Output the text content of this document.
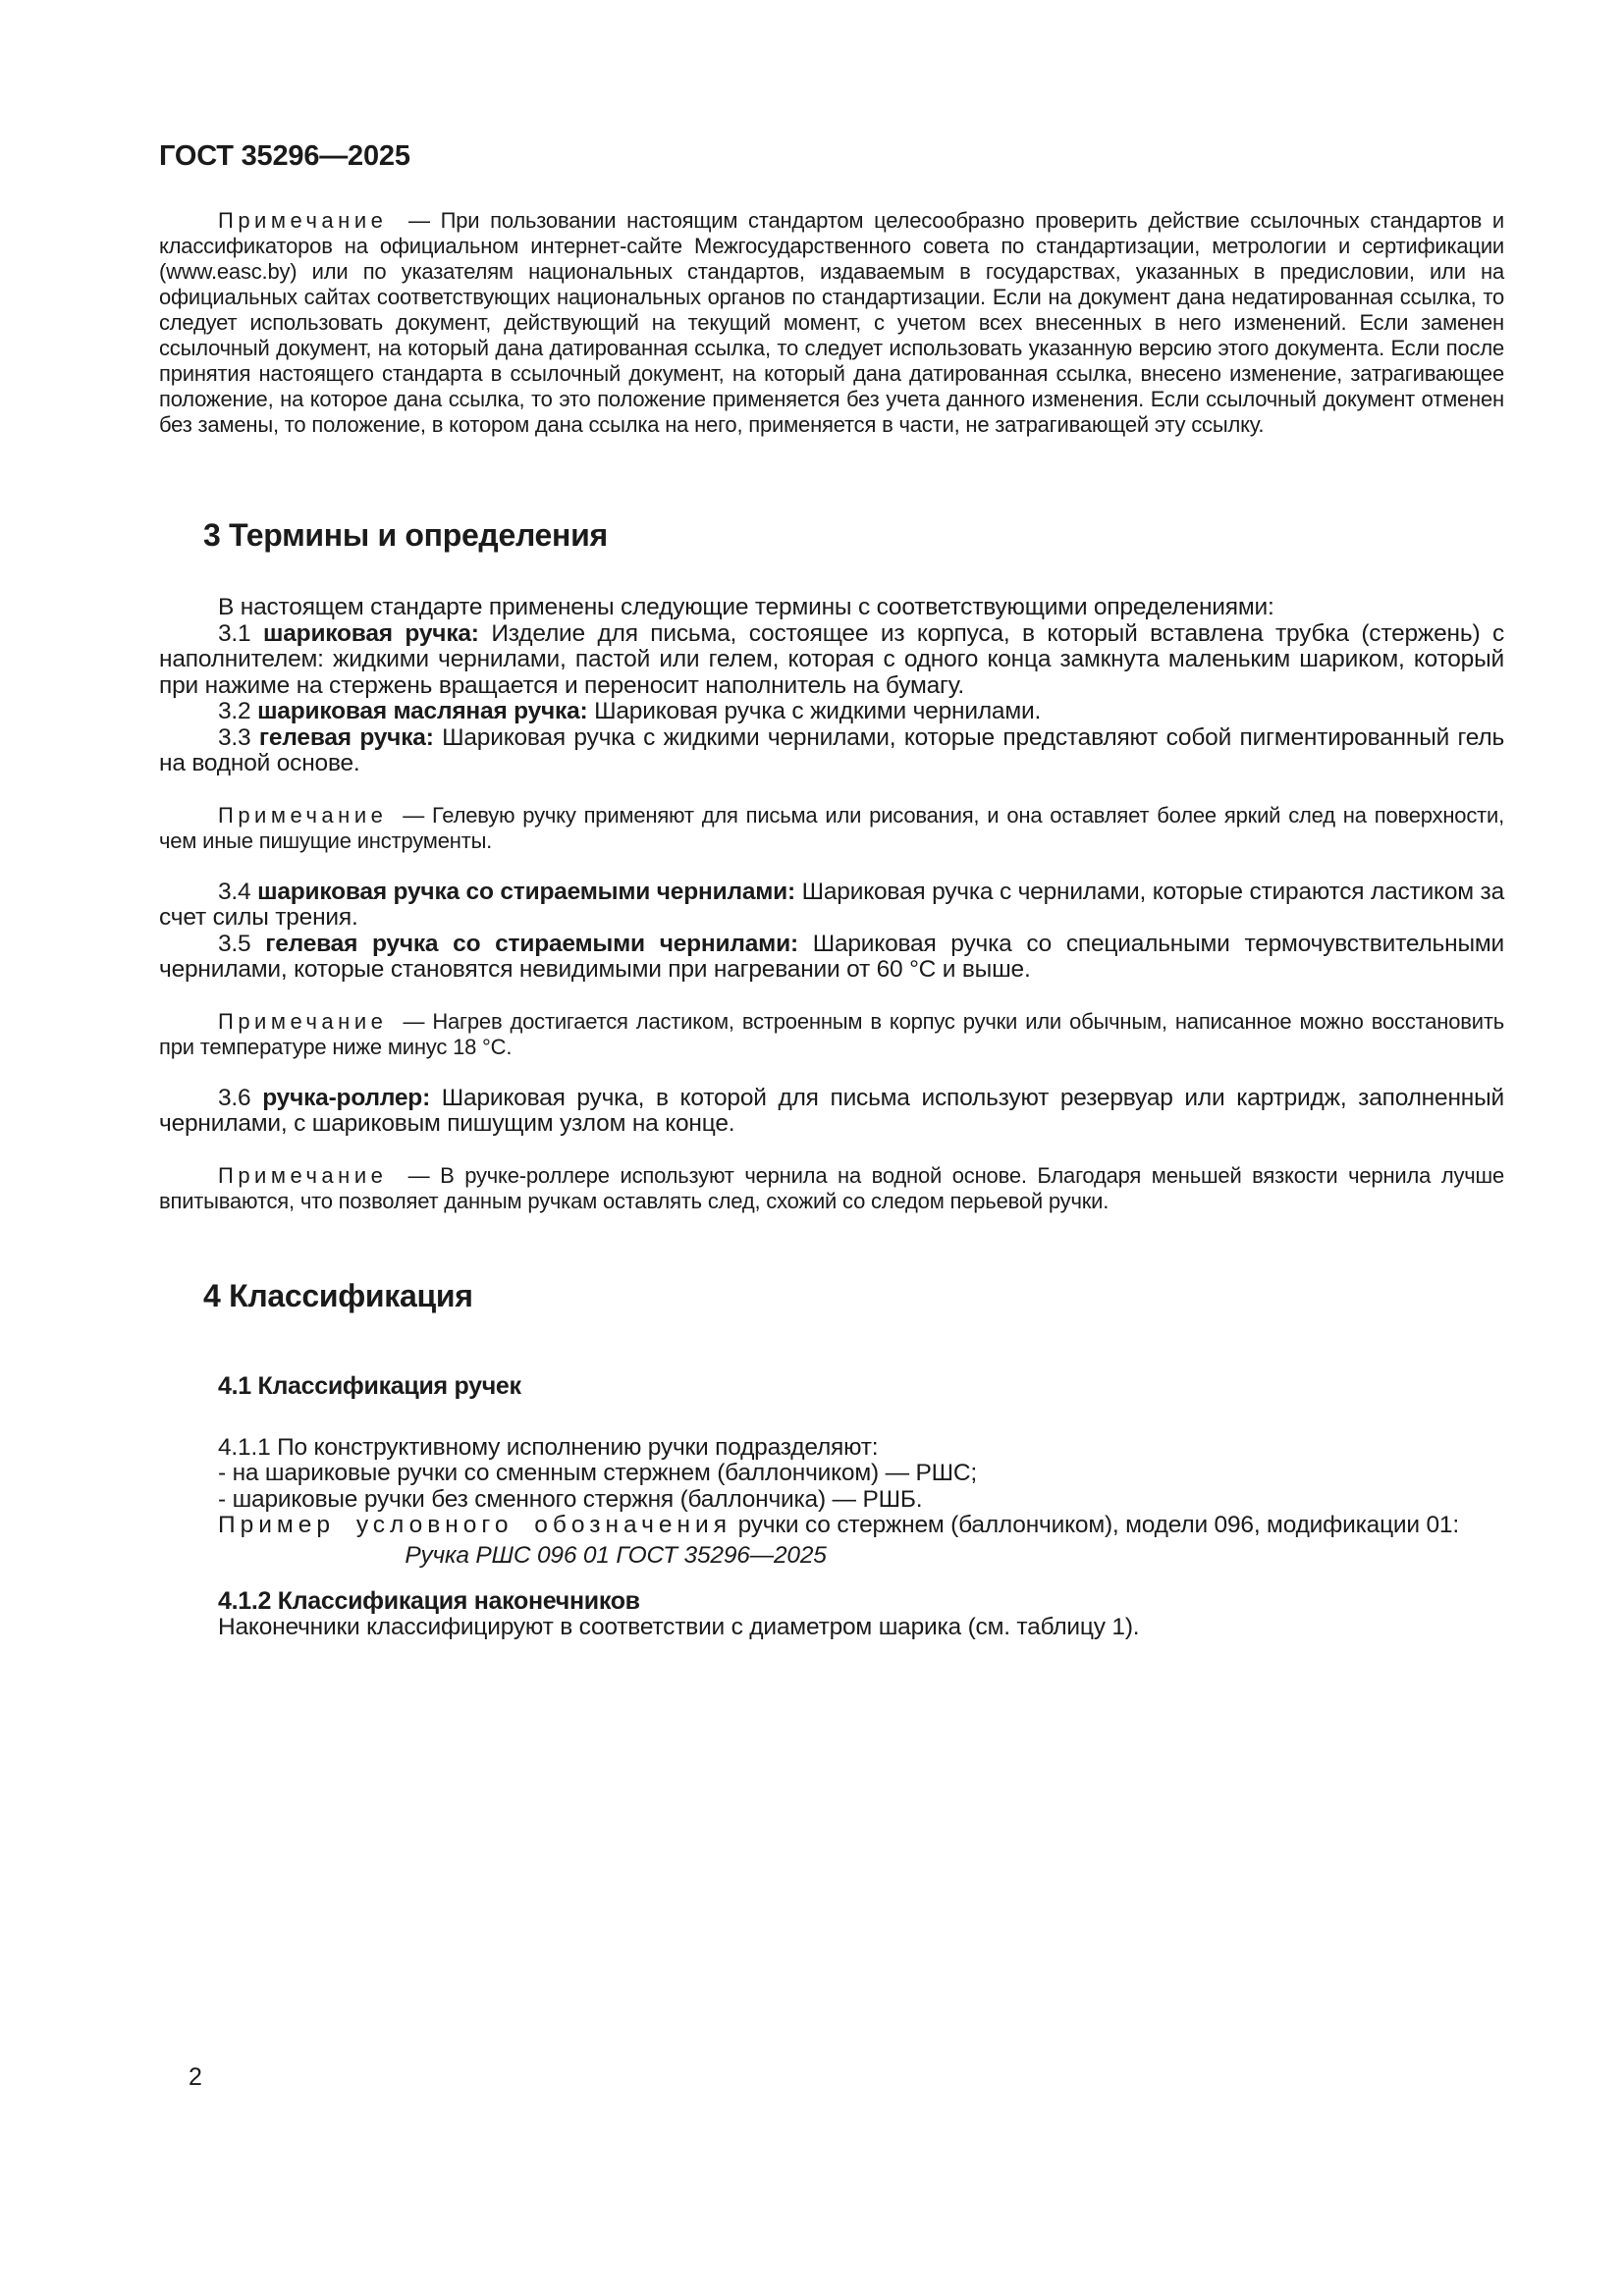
ГОСТ 35296—2025

Примечание — При пользовании настоящим стандартом целесообразно проверить действие ссылочных стандартов и классификаторов на официальном интернет-сайте Межгосударственного совета по стандартизации, метрологии и сертификации (www.easc.by) или по указателям национальных стандартов, издаваемым в государствах, указанных в предисловии, или на официальных сайтах соответствующих национальных органов по стандартизации. Если на документ дана недатированная ссылка, то следует использовать документ, действующий на текущий момент, с учетом всех внесенных в него изменений. Если заменен ссылочный документ, на который дана датированная ссылка, то следует использовать указанную версию этого документа. Если после принятия настоящего стандарта в ссылочный документ, на который дана датированная ссылка, внесено изменение, затрагивающее положение, на которое дана ссылка, то это положение применяется без учета данного изменения. Если ссылочный документ отменен без замены, то положение, в котором дана ссылка на него, применяется в части, не затрагивающей эту ссылку.

3 Термины и определения

В настоящем стандарте применены следующие термины с соответствующими определениями:

3.1 шариковая ручка: Изделие для письма, состоящее из корпуса, в который вставлена трубка (стержень) с наполнителем: жидкими чернилами, пастой или гелем, которая с одного конца замкнута маленьким шариком, который при нажиме на стержень вращается и переносит наполнитель на бумагу.

3.2 шариковая масляная ручка: Шариковая ручка с жидкими чернилами.

3.3 гелевая ручка: Шариковая ручка с жидкими чернилами, которые представляют собой пигментированный гель на водной основе.

Примечание — Гелевую ручку применяют для письма или рисования, и она оставляет более яркий след на поверхности, чем иные пишущие инструменты.

3.4 шариковая ручка со стираемыми чернилами: Шариковая ручка с чернилами, которые стираются ластиком за счет силы трения.

3.5 гелевая ручка со стираемыми чернилами: Шариковая ручка со специальными термочувствительными чернилами, которые становятся невидимыми при нагревании от 60 °С и выше.

Примечание — Нагрев достигается ластиком, встроенным в корпус ручки или обычным, написанное можно восстановить при температуре ниже минус 18 °С.

3.6 ручка-роллер: Шариковая ручка, в которой для письма используют резервуар или картридж, заполненный чернилами, с шариковым пишущим узлом на конце.

Примечание — В ручке-роллере используют чернила на водной основе. Благодаря меньшей вязкости чернила лучше впитываются, что позволяет данным ручкам оставлять след, схожий со следом перьевой ручки.

4 Классификация
4.1 Классификация ручек

4.1.1 По конструктивному исполнению ручки подразделяют:

- на шариковые ручки со сменным стержнем (баллончиком) — РШС;

- шариковые ручки без сменного стержня (баллончика) — РШБ.

Пример условного обозначения ручки со стержнем (баллончиком), модели 096, модификации 01:

Ручка РШС 096 01 ГОСТ 35296—2025

4.1.2 Классификация наконечников

Наконечники классифицируют в соответствии с диаметром шарика (см. таблицу 1).

2
